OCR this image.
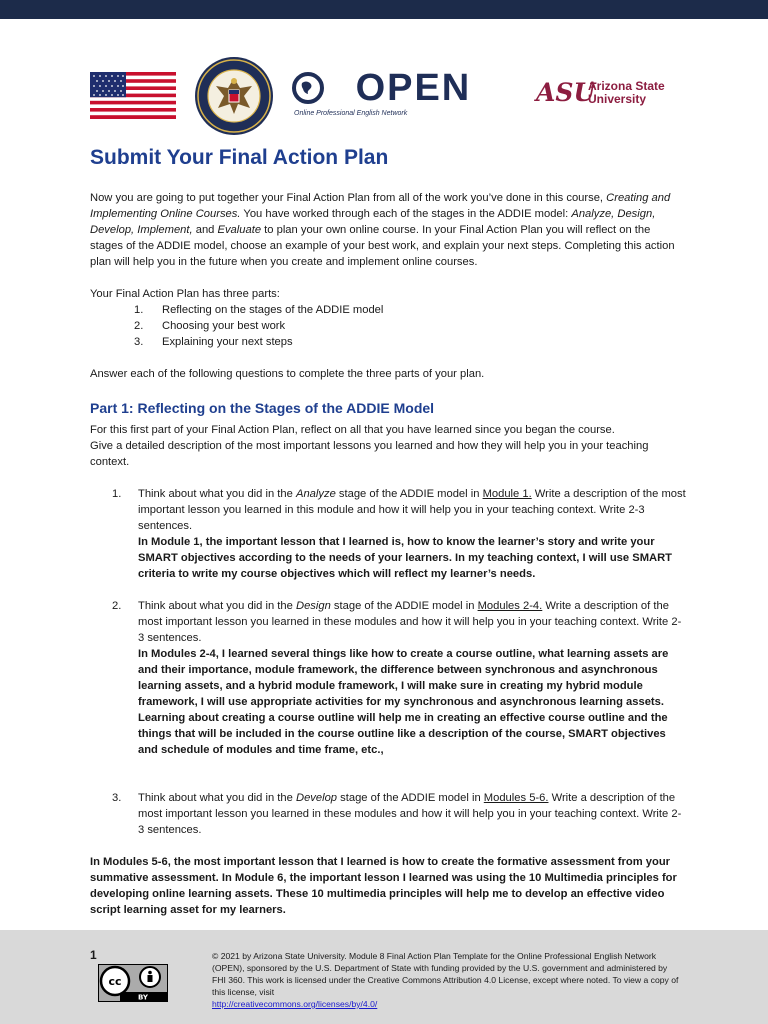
OPEN
Online Professional English Network
ASU
Arizona State
University
Submit Your Final Action Plan

Now you are going to put together your Final Action Plan from all of the work you’ve done in this course, Creating and Implementing Online Courses. You have worked through each of the stages in the ADDIE model: Analyze, Design, Develop, Implement, and Evaluate to plan your own online course. In your Final Action Plan you will reflect on the stages of the ADDIE model, choose an example of your best work, and explain your next steps. Completing this action plan will help you in the future when you create and implement online courses.

Your Final Action Plan has three parts:

1. Reflecting on the stages of the ADDIE model
2. Choosing your best work
3. Explaining your next steps

Answer each of the following questions to complete the three parts of your plan.

Part 1: Reflecting on the Stages of the ADDIE Model

For this first part of your Final Action Plan, reflect on all that you have learned since you began the course.

Give a detailed description of the most important lessons you learned and how they will help you in your teaching context.

1. Think about what you did in the Analyze stage of the ADDIE model in Module 1. Write a description of the most important lesson you learned in this module and how it will help you in your teaching context. Write 2-3 sentences.

In Module 1, the important lesson that I learned is, how to know the learner’s story and write your SMART objectives according to the needs of your learners. In my teaching context, I will use SMART criteria to write my course objectives which will reflect my learner’s needs.

2. Think about what you did in the Design stage of the ADDIE model in Modules 2-4. Write a description of the most important lesson you learned in these modules and how it will help you in your teaching context. Write 2-3 sentences.

In Modules 2-4, I learned several things like how to create a course outline, what learning assets are and their importance, module framework, the difference between synchronous and asynchronous learning assets, and a hybrid module framework, I will make sure in creating my hybrid module framework, I will use appropriate activities for my synchronous and asynchronous learning assets. Learning about creating a course outline will help me in creating an effective course outline and the things that will be included in the course outline like a description of the course, SMART objectives and schedule of modules and time frame, etc.,

3. Think about what you did in the Develop stage of the ADDIE model in Modules 5-6. Write a description of the most important lesson you learned in these modules and how it will help you in your teaching context. Write 2-3 sentences.

In Modules 5-6, the most important lesson that I learned is how to create the formative assessment from your summative assessment. In Module 6, the important lesson I learned was using the 10 Multimedia principles for developing online learning assets. These 10 multimedia principles will help me to develop an effective video script learning asset for my learners.

1
cc
BY
© 2021 by Arizona State University. Module 8 Final Action Plan Template for the Online Professional English Network (OPEN), sponsored by the U.S. Department of State with funding provided by the U.S. government and administered by FHI 360. This work is licensed under the Creative Commons Attribution 4.0 License, except where noted. To view a copy of this license, visit
http://creativecommons.org/licenses/by/4.0/
